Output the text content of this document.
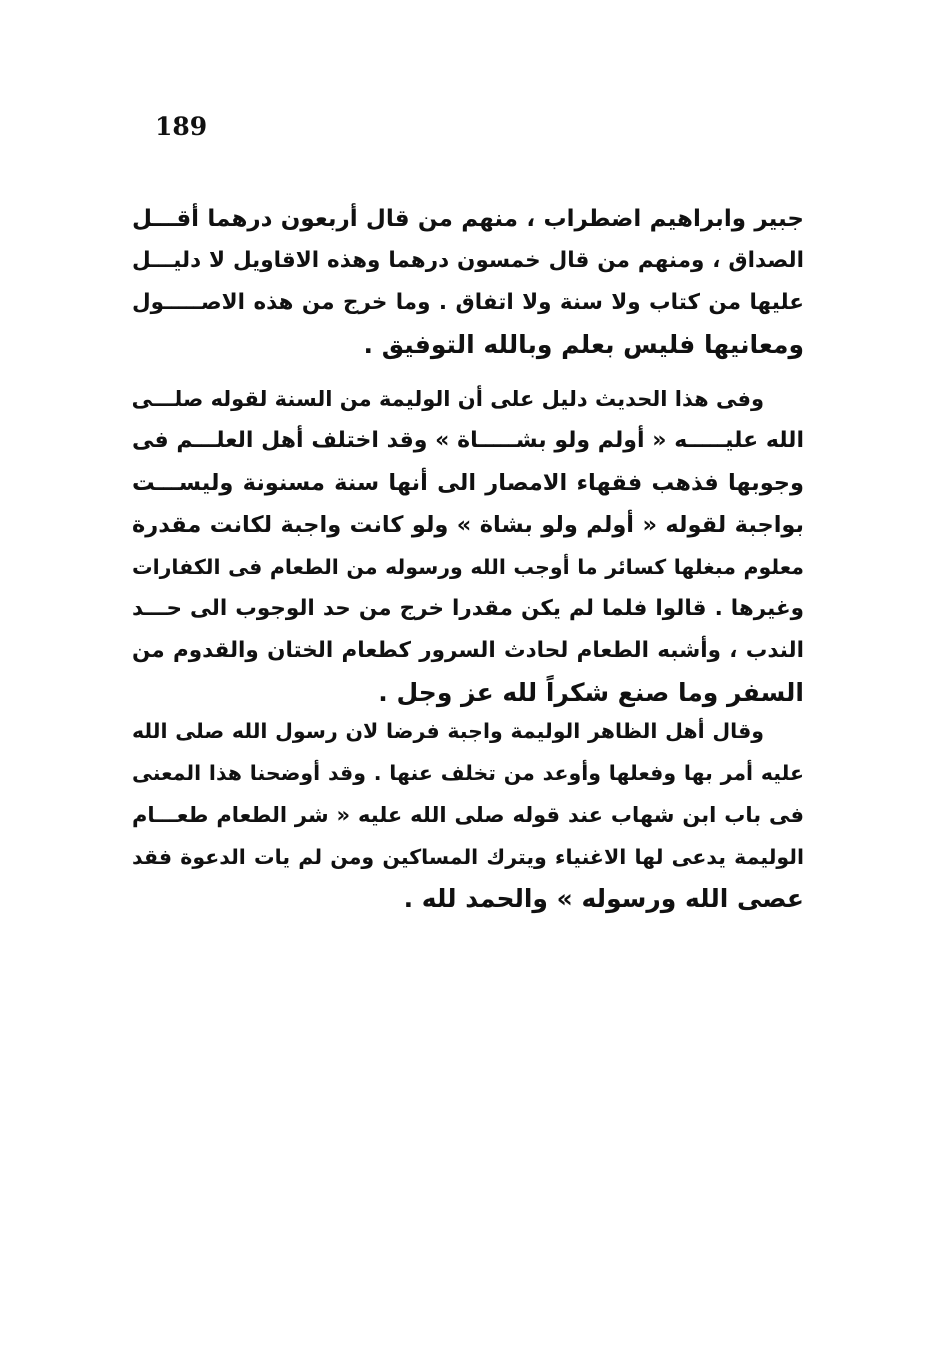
189
جبير وابراهيم اضطراب ، منهم من قال أربعون درهما أقـــل
الصداق ، ومنهم من قال خمسون درهما وهذه الاقاويل لا دليـــل
عليها من كتاب ولا سنة ولا اتفاق . وما خرج من هذه الاصـــــول
ومعانيها فليس بعلم وبالله التوفيق .
وفى هذا الحديث دليل على أن الوليمة من السنة لقوله صلـــى
الله عليـــــه « أولم ولو بشـــــاة » وقد اختلف أهل العلـــم فى
وجوبها فذهب فقهاء الامصار الى أنها سنة مسنونة وليســـت
بواجبة لقوله « أولم ولو بشاة » ولو كانت واجبة لكانت مقدرة
معلوم مبغلها كسائر ما أوجب الله ورسوله من الطعام فى الكفارات
وغيرها . قالوا فلما لم يكن مقدرا خرج من حد الوجوب الى حـــد
الندب ، وأشبه الطعام لحادث السرور كطعام الختان والقدوم من
السفر وما صنع شكراً لله عز وجل .
وقال أهل الظاهر الوليمة واجبة فرضا لان رسول الله صلى الله
عليه أمر بها وفعلها وأوعد من تخلف عنها . وقد أوضحنا هذا المعنى
فى باب ابن شهاب عند قوله صلى الله عليه « شر الطعام طعـــام
الوليمة يدعى لها الاغنياء ويترك المساكين ومن لم يات الدعوة فقد
عصى الله ورسوله » والحمد لله .
